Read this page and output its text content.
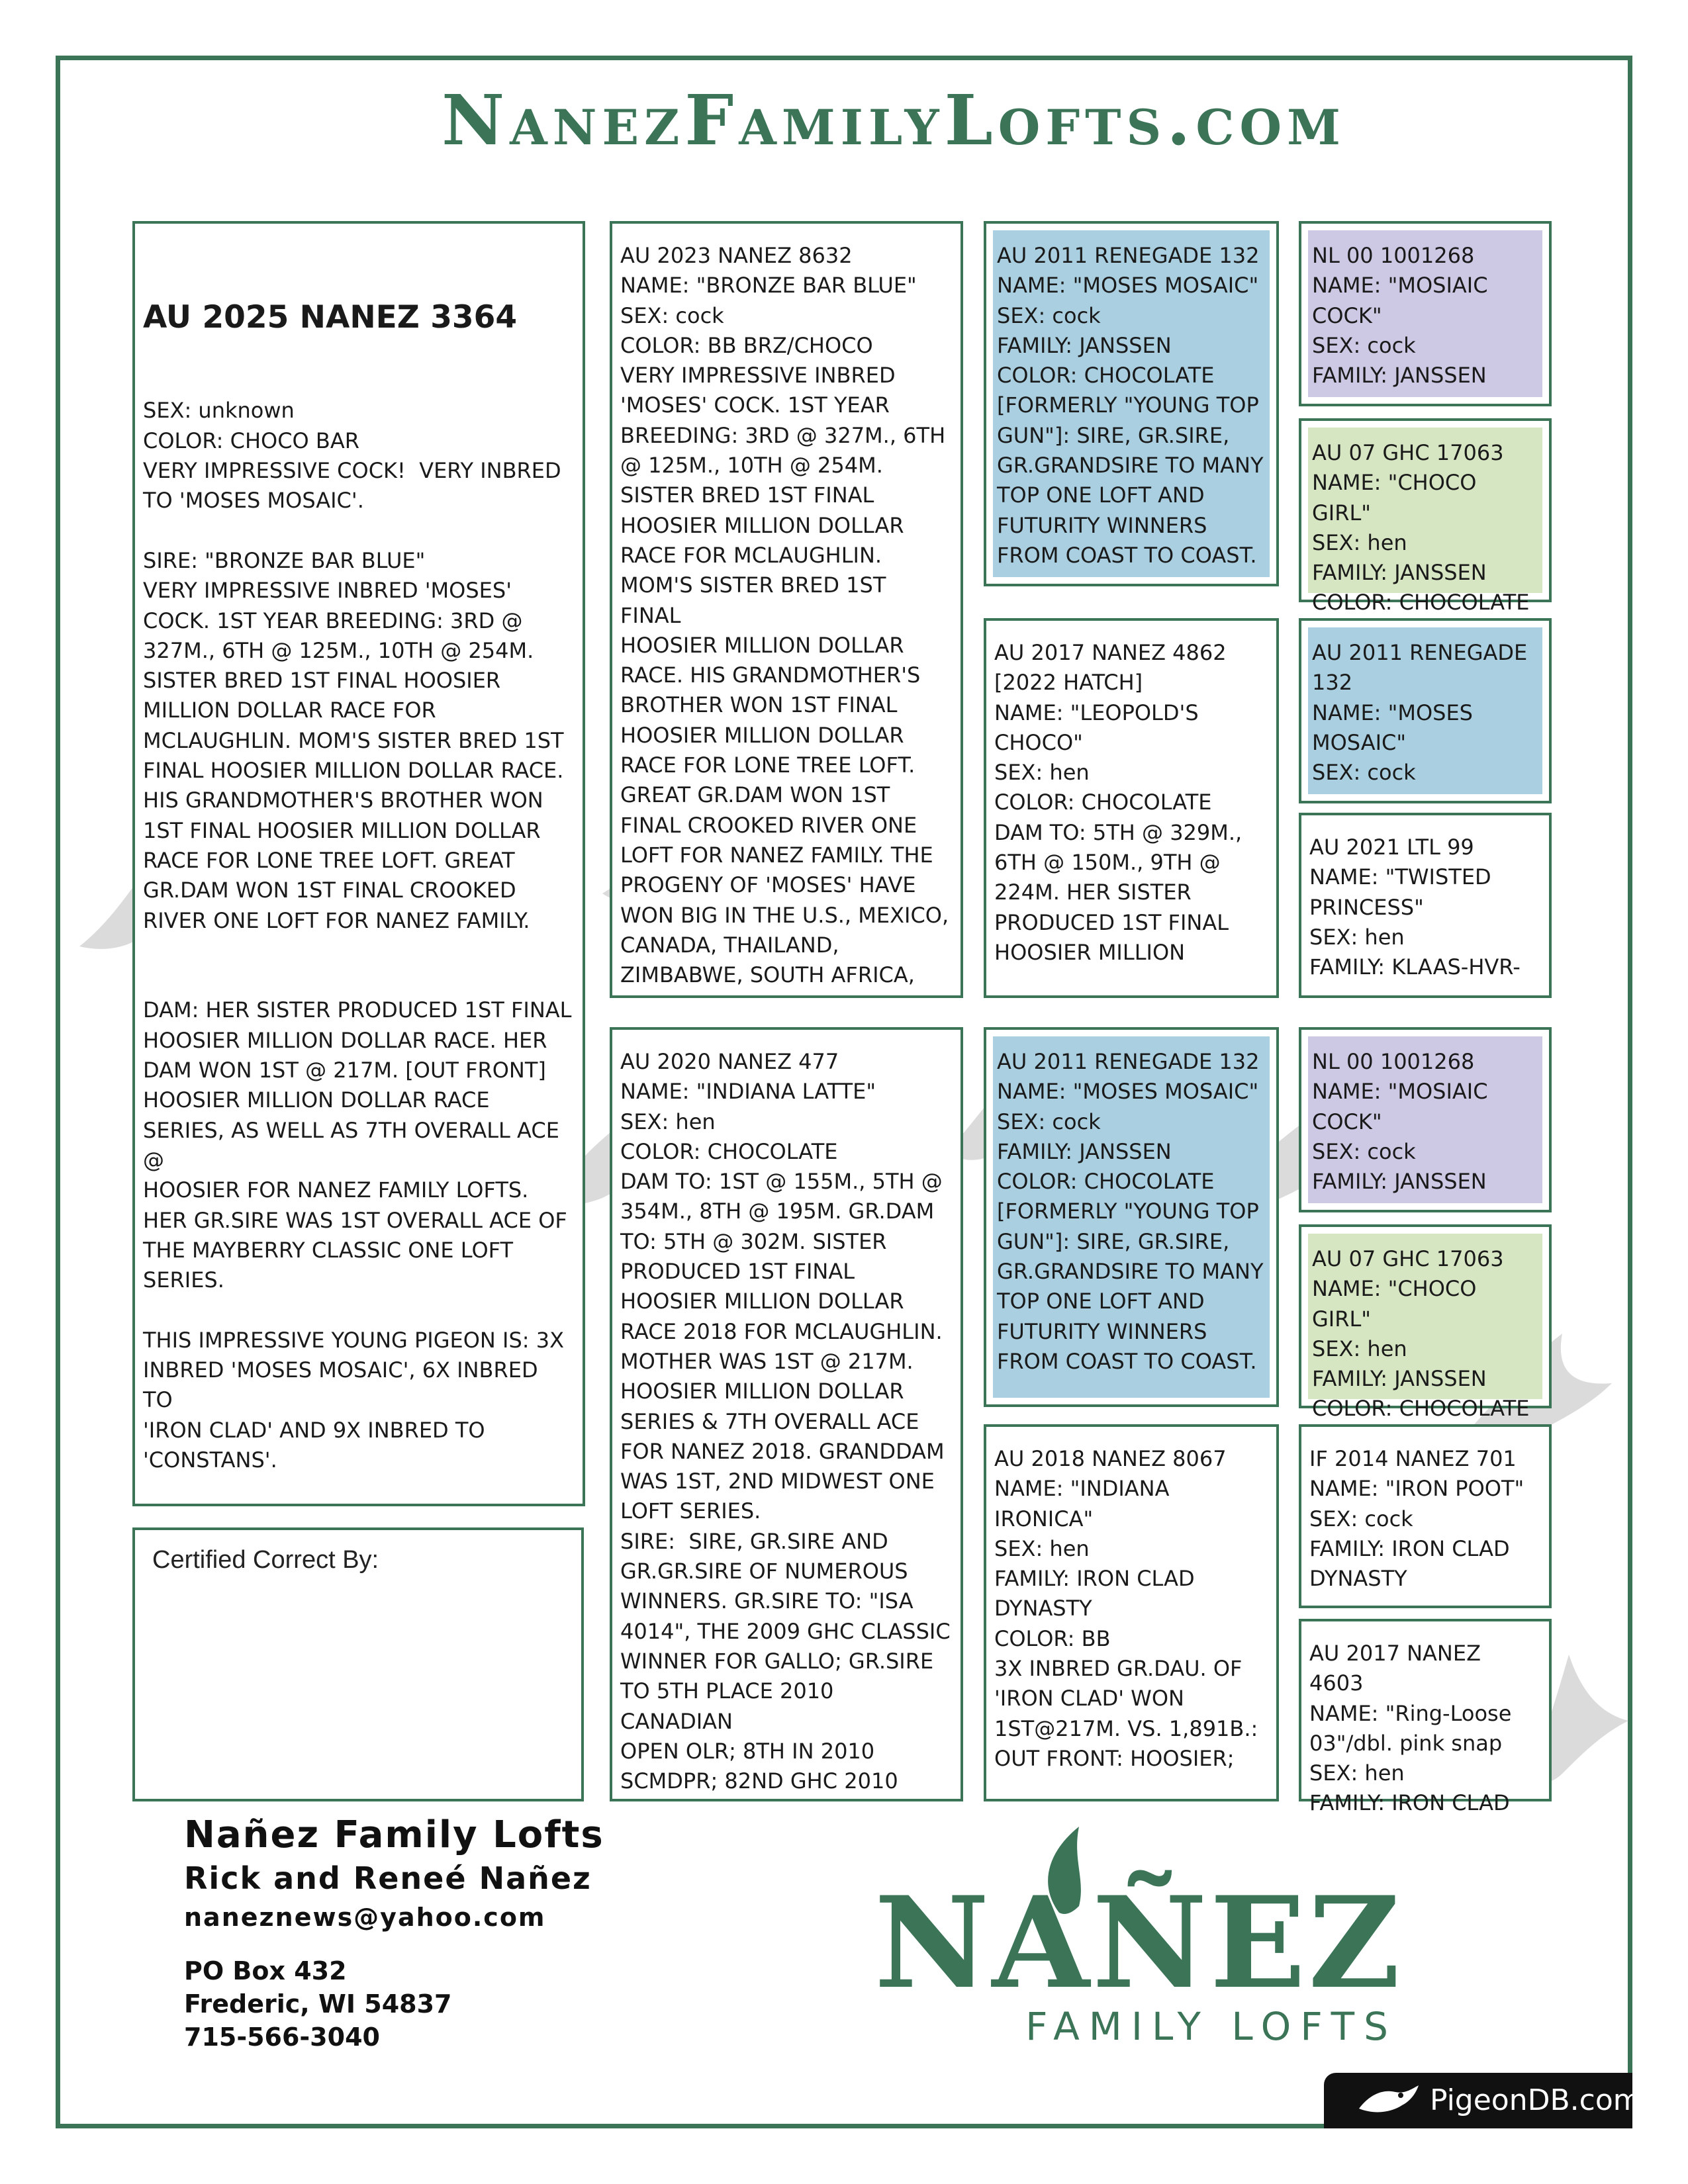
NanezFamilyLofts.com

AU 2025 NANEZ 3364

SEX: unknown
COLOR: CHOCO BAR
VERY IMPRESSIVE COCK!  VERY INBRED
TO 'MOSES MOSAIC'.

SIRE: "BRONZE BAR BLUE"
VERY IMPRESSIVE INBRED 'MOSES'
COCK. 1ST YEAR BREEDING: 3RD @
327M., 6TH @ 125M., 10TH @ 254M.
SISTER BRED 1ST FINAL HOOSIER
MILLION DOLLAR RACE FOR
MCLAUGHLIN. MOM'S SISTER BRED 1ST
FINAL HOOSIER MILLION DOLLAR RACE.
HIS GRANDMOTHER'S BROTHER WON
1ST FINAL HOOSIER MILLION DOLLAR
RACE FOR LONE TREE LOFT. GREAT
GR.DAM WON 1ST FINAL CROOKED
RIVER ONE LOFT FOR NANEZ FAMILY.

DAM: HER SISTER PRODUCED 1ST FINAL
HOOSIER MILLION DOLLAR RACE. HER
DAM WON 1ST @ 217M. [OUT FRONT]
HOOSIER MILLION DOLLAR RACE
SERIES, AS WELL AS 7TH OVERALL ACE @
HOOSIER FOR NANEZ FAMILY LOFTS.
HER GR.SIRE WAS 1ST OVERALL ACE OF
THE MAYBERRY CLASSIC ONE LOFT
SERIES.

THIS IMPRESSIVE YOUNG PIGEON IS: 3X
INBRED 'MOSES MOSAIC', 6X INBRED TO
'IRON CLAD' AND 9X INBRED TO
'CONSTANS'.

Certified Correct By:
AU 2023 NANEZ 8632
NAME: "BRONZE BAR BLUE"
SEX: cock
COLOR: BB BRZ/CHOCO
VERY IMPRESSIVE INBRED
'MOSES' COCK. 1ST YEAR
BREEDING: 3RD @ 327M., 6TH
@ 125M., 10TH @ 254M.
SISTER BRED 1ST FINAL
HOOSIER MILLION DOLLAR
RACE FOR MCLAUGHLIN.
MOM'S SISTER BRED 1ST FINAL
HOOSIER MILLION DOLLAR
RACE. HIS GRANDMOTHER'S
BROTHER WON 1ST FINAL
HOOSIER MILLION DOLLAR
RACE FOR LONE TREE LOFT.
GREAT GR.DAM WON 1ST
FINAL CROOKED RIVER ONE
LOFT FOR NANEZ FAMILY. THE
PROGENY OF 'MOSES' HAVE
WON BIG IN THE U.S., MEXICO,
CANADA, THAILAND,
ZIMBABWE, SOUTH AFRICA,
AU 2020 NANEZ 477
NAME: "INDIANA LATTE"
SEX: hen
COLOR: CHOCOLATE
DAM TO: 1ST @ 155M., 5TH @
354M., 8TH @ 195M. GR.DAM
TO: 5TH @ 302M. SISTER
PRODUCED 1ST FINAL
HOOSIER MILLION DOLLAR
RACE 2018 FOR MCLAUGHLIN.
MOTHER WAS 1ST @ 217M.
HOOSIER MILLION DOLLAR
SERIES & 7TH OVERALL ACE
FOR NANEZ 2018. GRANDDAM
WAS 1ST, 2ND MIDWEST ONE
LOFT SERIES.
SIRE:  SIRE, GR.SIRE AND
GR.GR.SIRE OF NUMEROUS
WINNERS. GR.SIRE TO: "ISA
4014", THE 2009 GHC CLASSIC
WINNER FOR GALLO; GR.SIRE
TO 5TH PLACE 2010 CANADIAN
OPEN OLR; 8TH IN 2010
SCMDPR; 82ND GHC 2010
AU 2011 RENEGADE 132
NAME: "MOSES MOSAIC"
SEX: cock
FAMILY: JANSSEN
COLOR: CHOCOLATE
[FORMERLY "YOUNG TOP
GUN"]: SIRE, GR.SIRE,
GR.GRANDSIRE TO MANY
TOP ONE LOFT AND
FUTURITY WINNERS
FROM COAST TO COAST.
AU 2017 NANEZ 4862
[2022 HATCH]
NAME: "LEOPOLD'S
CHOCO"
SEX: hen
COLOR: CHOCOLATE
DAM TO: 5TH @ 329M.,
6TH @ 150M., 9TH @
224M. HER SISTER
PRODUCED 1ST FINAL
HOOSIER MILLION
AU 2011 RENEGADE 132
NAME: "MOSES MOSAIC"
SEX: cock
FAMILY: JANSSEN
COLOR: CHOCOLATE
[FORMERLY "YOUNG TOP
GUN"]: SIRE, GR.SIRE,
GR.GRANDSIRE TO MANY
TOP ONE LOFT AND
FUTURITY WINNERS
FROM COAST TO COAST.
AU 2018 NANEZ 8067
NAME: "INDIANA
IRONICA"
SEX: hen
FAMILY: IRON CLAD
DYNASTY
COLOR: BB
3X INBRED GR.DAU. OF
'IRON CLAD' WON
1ST@217M. VS. 1,891B.:
OUT FRONT: HOOSIER;
NL 00 1001268
NAME: "MOSIAIC
COCK"
SEX: cock
FAMILY: JANSSEN
AU 07 GHC 17063
NAME: "CHOCO GIRL"
SEX: hen
FAMILY: JANSSEN
COLOR: CHOCOLATE
AU 2011 RENEGADE
132
NAME: "MOSES
MOSAIC"
SEX: cock
AU 2021 LTL 99
NAME: "TWISTED
PRINCESS"
SEX: hen
FAMILY: KLAAS-HVR-
NL 00 1001268
NAME: "MOSIAIC
COCK"
SEX: cock
FAMILY: JANSSEN
AU 07 GHC 17063
NAME: "CHOCO GIRL"
SEX: hen
FAMILY: JANSSEN
COLOR: CHOCOLATE
IF 2014 NANEZ 701
NAME: "IRON POOT"
SEX: cock
FAMILY: IRON CLAD
DYNASTY
AU 2017 NANEZ 4603
NAME: "Ring-Loose
03"/dbl. pink snap
SEX: hen
FAMILY: IRON CLAD
Nañez Family Lofts
Rick and Reneé Nañez
naneznews@yahoo.com
PO Box 432
Frederic, WI 54837
715-566-3040
NAÑEZ
FAMILY LOFTS
PigeonDB.com
